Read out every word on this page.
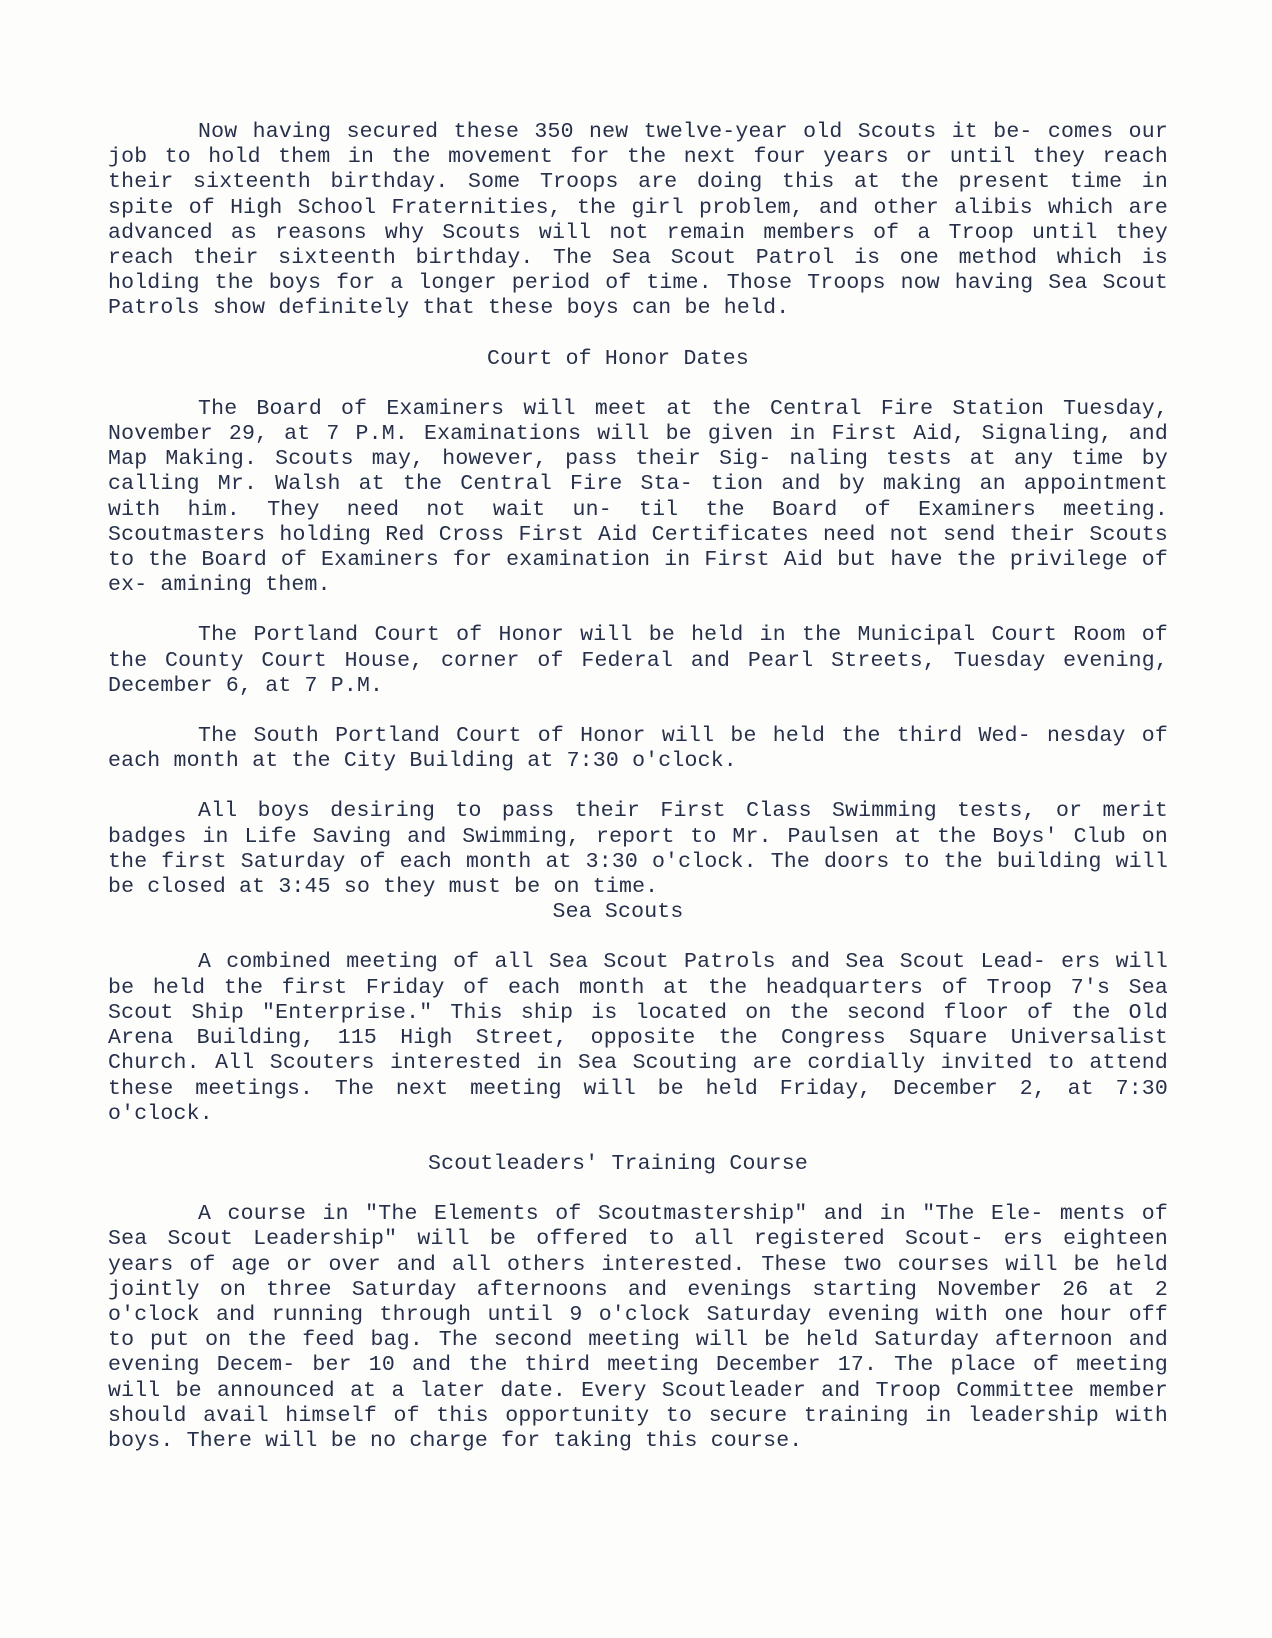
Now having secured these 350 new twelve-year old Scouts it be- comes our job to hold them in the movement for the next four years or until they reach their sixteenth birthday. Some Troops are doing this at the present time in spite of High School Fraternities, the girl problem, and other alibis which are advanced as reasons why Scouts will not remain members of a Troop until they reach their sixteenth birthday. The Sea Scout Patrol is one method which is holding the boys for a longer period of time. Those Troops now having Sea Scout Patrols show definitely that these boys can be held.

Court of Honor Dates

The Board of Examiners will meet at the Central Fire Station Tuesday, November 29, at 7 P.M. Examinations will be given in First Aid, Signaling, and Map Making. Scouts may, however, pass their Sig- naling tests at any time by calling Mr. Walsh at the Central Fire Sta- tion and by making an appointment with him. They need not wait un- til the Board of Examiners meeting. Scoutmasters holding Red Cross First Aid Certificates need not send their Scouts to the Board of Examiners for examination in First Aid but have the privilege of ex- amining them.

The Portland Court of Honor will be held in the Municipal Court Room of the County Court House, corner of Federal and Pearl Streets, Tuesday evening, December 6, at 7 P.M.

The South Portland Court of Honor will be held the third Wed- nesday of each month at the City Building at 7:30 o'clock.

All boys desiring to pass their First Class Swimming tests, or merit badges in Life Saving and Swimming, report to Mr. Paulsen at the Boys' Club on the first Saturday of each month at 3:30 o'clock. The doors to the building will be closed at 3:45 so they must be on time.

Sea Scouts

A combined meeting of all Sea Scout Patrols and Sea Scout Lead- ers will be held the first Friday of each month at the headquarters of Troop 7's Sea Scout Ship "Enterprise." This ship is located on the second floor of the Old Arena Building, 115 High Street, opposite the Congress Square Universalist Church. All Scouters interested in Sea Scouting are cordially invited to attend these meetings. The next meeting will be held Friday, December 2, at 7:30 o'clock.

Scoutleaders' Training Course

A course in "The Elements of Scoutmastership" and in "The Ele- ments of Sea Scout Leadership" will be offered to all registered Scout- ers eighteen years of age or over and all others interested. These two courses will be held jointly on three Saturday afternoons and evenings starting November 26 at 2 o'clock and running through until 9 o'clock Saturday evening with one hour off to put on the feed bag. The second meeting will be held Saturday afternoon and evening Decem- ber 10 and the third meeting December 17. The place of meeting will be announced at a later date. Every Scoutleader and Troop Committee member should avail himself of this opportunity to secure training in leadership with boys. There will be no charge for taking this course.
